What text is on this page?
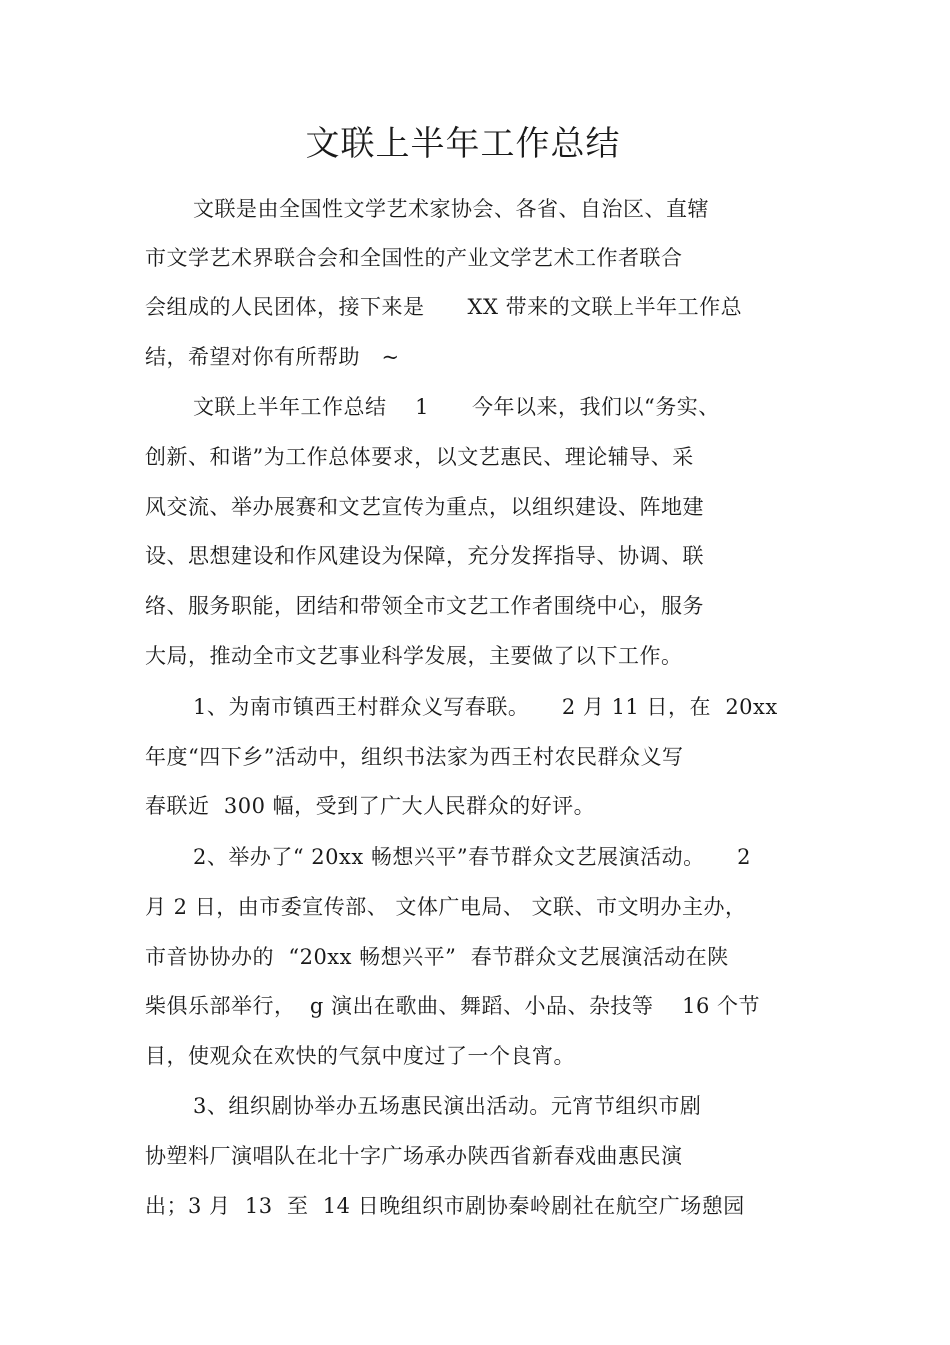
文联上半年工作总结
文联是由全国性文学艺术家协会、各省、自治区、直辖
市文学艺术界联合会和全国性的产业文学艺术工作者联合
会组成的人民团体，接下来是　　XX 带来的文联上半年工作总
结，希望对你有所帮助　~
文联上半年工作总结　 1　　今年以来，我们以“务实、
创新、和谐”为工作总体要求，以文艺惠民、理论辅导、采
风交流、举办展赛和文艺宣传为重点，以组织建设、阵地建
设、思想建设和作风建设为保障，充分发挥指导、协调、联
络、服务职能，团结和带领全市文艺工作者围绕中心，服务
大局，推动全市文艺事业科学发展，主要做了以下工作。
1、为南市镇西王村群众义写春联。　　2 月 11 日，在  20xx
年度“四下乡”活动中，组织书法家为西王村农民群众义写
春联近  300 幅，受到了广大人民群众的好评。
2、举办了“ 20xx 畅想兴平”春节群众文艺展演活动。　　2
月 2 日，由市委宣传部、 文体广电局、 文联、市文明办主办，
市音协协办的  “20xx 畅想兴平”  春节群众文艺展演活动在陕
柴俱乐部举行，  g 演出在歌曲、舞蹈、小品、杂技等　 16 个节
目，使观众在欢快的气氛中度过了一个良宵。
3、组织剧协举办五场惠民演出活动。元宵节组织市剧
协塑料厂演唱队在北十字广场承办陕西省新春戏曲惠民演
出；3 月  13  至  14 日晚组织市剧协秦岭剧社在航空广场憩园
